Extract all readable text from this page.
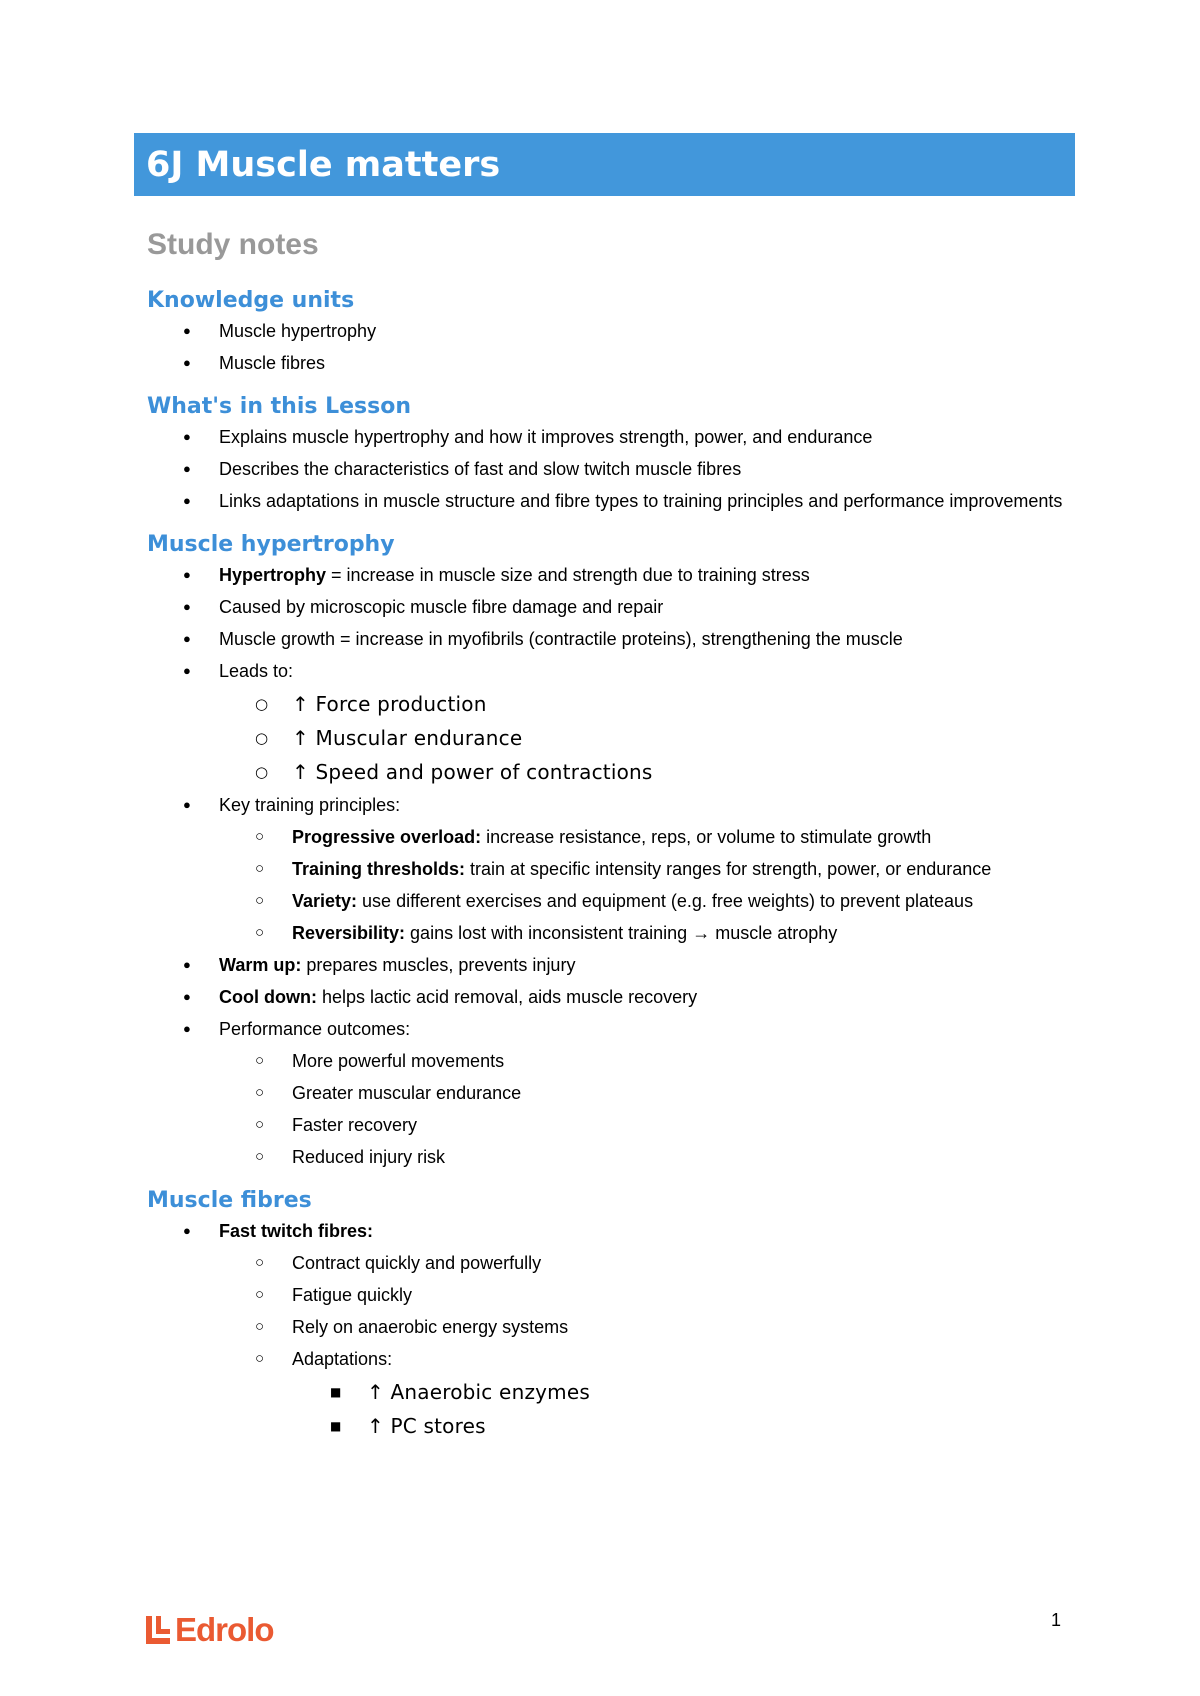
6J Muscle matters
Study notes
Knowledge units
● Muscle hypertrophy
● Muscle fibres
What's in this Lesson
● Explains muscle hypertrophy and how it improves strength, power, and endurance
● Describes the characteristics of fast and slow twitch muscle fibres
● Links adaptations in muscle structure and fibre types to training principles and performance improvements
Muscle hypertrophy
● Hypertrophy = increase in muscle size and strength due to training stress
● Caused by microscopic muscle fibre damage and repair
● Muscle growth = increase in myofibrils (contractile proteins), strengthening the muscle
● Leads to:
○ ↑ Force production
○ ↑ Muscular endurance
○ ↑ Speed and power of contractions
● Key training principles:
○ Progressive overload: increase resistance, reps, or volume to stimulate growth
○ Training thresholds: train at specific intensity ranges for strength, power, or endurance
○ Variety: use different exercises and equipment (e.g. free weights) to prevent plateaus
○ Reversibility: gains lost with inconsistent training → muscle atrophy
● Warm up: prepares muscles, prevents injury
● Cool down: helps lactic acid removal, aids muscle recovery
● Performance outcomes:
○ More powerful movements
○ Greater muscular endurance
○ Faster recovery
○ Reduced injury risk
Muscle fibres
● Fast twitch fibres:
○ Contract quickly and powerfully
○ Fatigue quickly
○ Rely on anaerobic energy systems
○ Adaptations:
■ ↑ Anaerobic enzymes
■ ↑ PC stores
Edrolo	1
